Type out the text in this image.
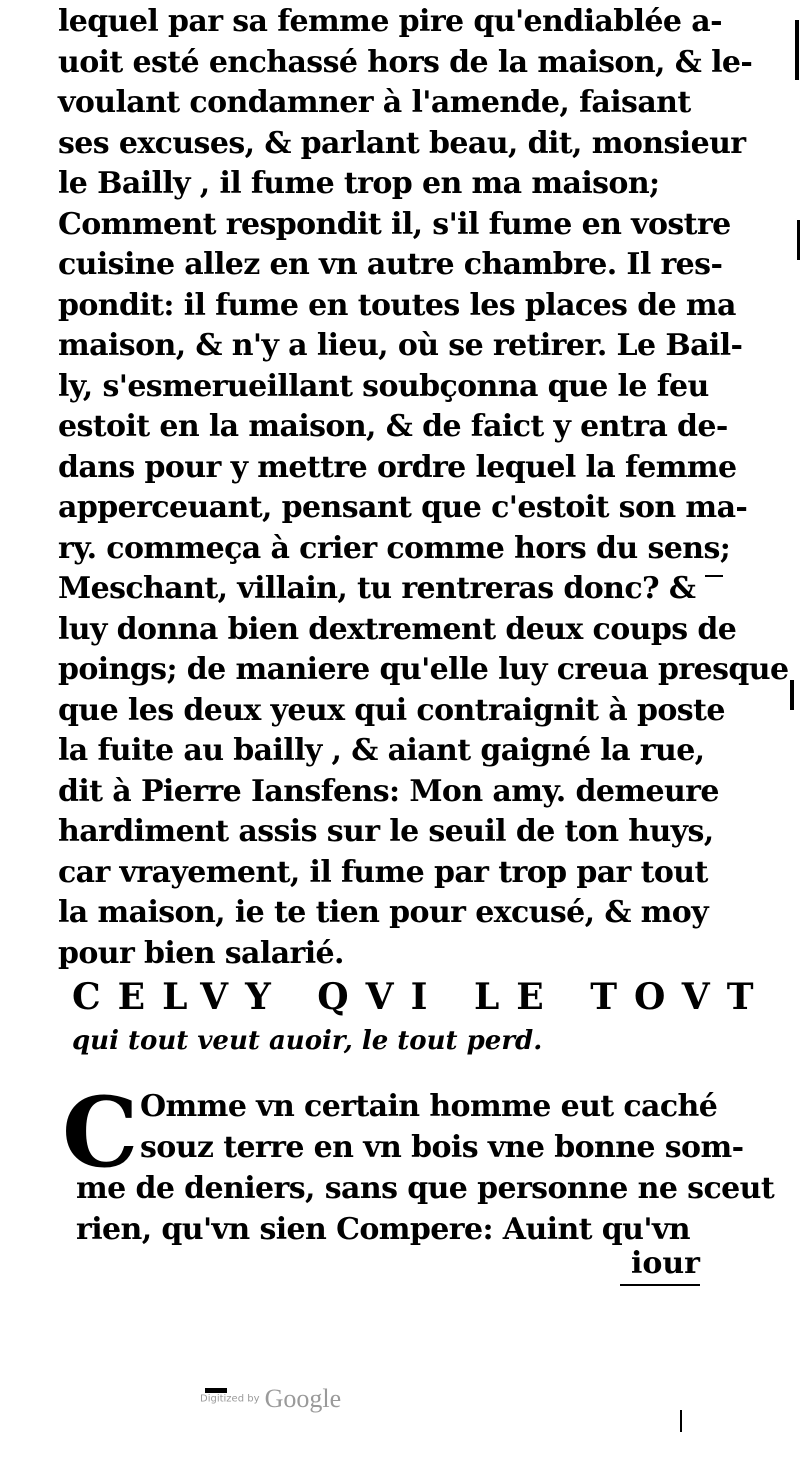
lequel par sa femme pire qu'endiablée a-
uoit esté enchassé hors de la maison, & le-
voulant condamner à l'amende, faisant
ses excuses, & parlant beau, dit, monsieur
le Bailly , il fume trop en ma maison;
Comment respondit il, s'il fume en vostre
cuisine allez en vn autre chambre. Il res-
pondit: il fume en toutes les places de ma
maison, & n'y a lieu, où se retirer. Le Bail-
ly, s'esmerueillant soubçonna que le feu
estoit en la maison, & de faict y entra de-
dans pour y mettre ordre lequel la femme
apperceuant, pensant que c'estoit son ma-
ry. commeça à crier comme hors du sens;
Meschant, villain, tu rentreras donc? &
luy donna bien dextrement deux coups de
poings; de maniere qu'elle luy creua presque
que les deux yeux qui contraignit à poste
la fuite au bailly , & aiant gaigné la rue,
dit à Pierre Iansfens: Mon amy. demeure
hardiment assis sur le seuil de ton huys,
car vrayement, il fume par trop par tout
la maison, ie te tien pour excusé, & moy
pour bien salarié.
CELVY QVI LE TOVT
qui tout veut auoir, le tout perd.
C Omme vn certain homme eut caché
souz terre en vn bois vne bonne som-
me de deniers, sans que personne ne sceut
rien, qu'vn sien Compere: Auint qu'vn
iour
Digitized by Google
